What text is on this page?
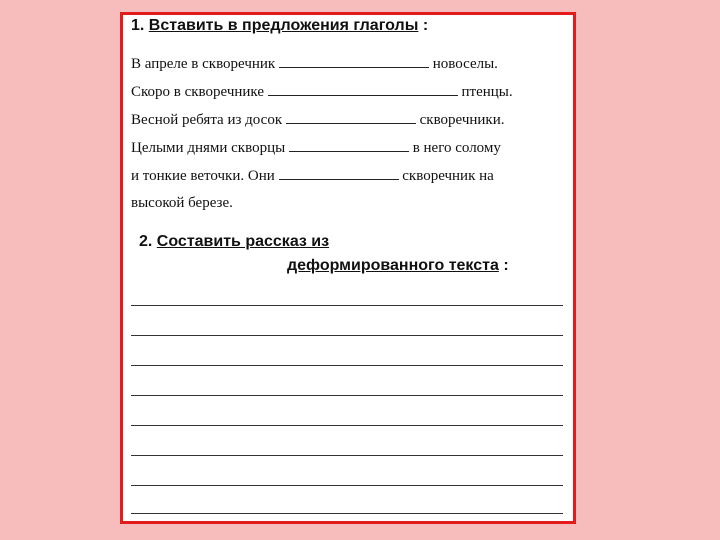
1. Вставить в предложения глаголы :
В апреле в скворечник	новоселы.
Скоро в скворечнике	птенцы.
Весной ребята из досок	скворечники.
Целыми днями скворцы	в него солому
и тонкие веточки. Они	скворечник на
высокой березе.
2. Составить рассказ из
деформированного текста :
